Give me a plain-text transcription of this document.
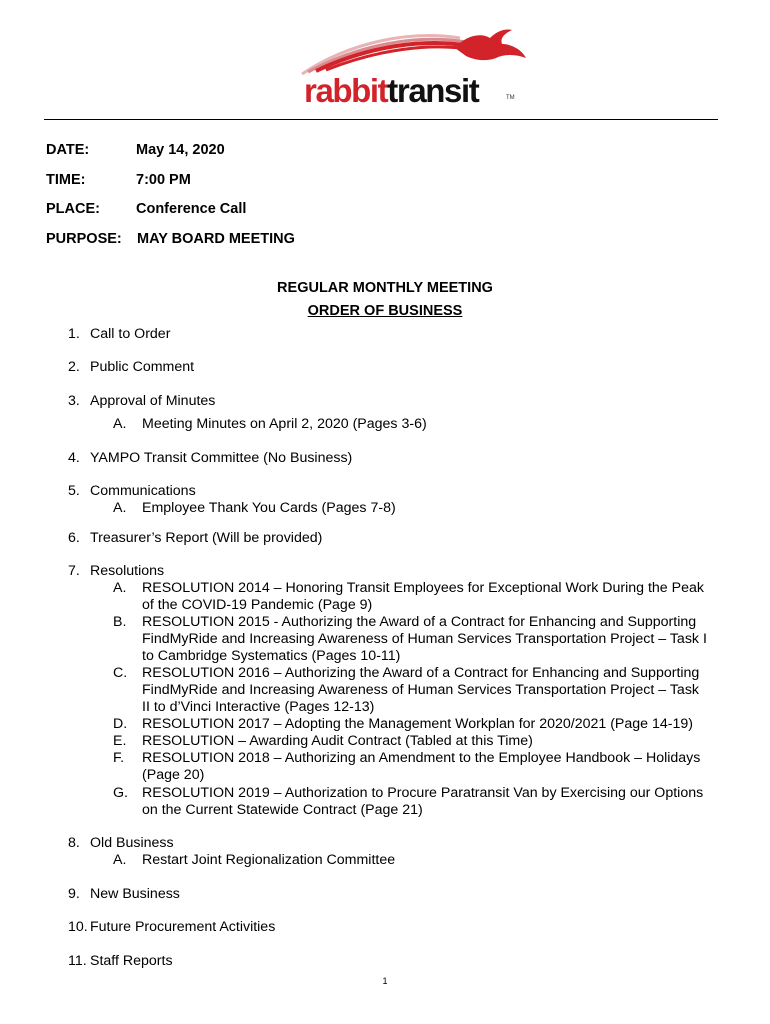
rabbittransit	TM
DATE:	May 14, 2020
TIME:	7:00 PM
PLACE: Conference Call
PURPOSE: MAY BOARD MEETING
REGULAR MONTHLY MEETING
ORDER OF BUSINESS
1. Call to Order
2. Public Comment
3. Approval of Minutes
A. Meeting Minutes on April 2, 2020 (Pages 3-6)
4. YAMPO Transit Committee (No Business)
5. Communications
A. Employee Thank You Cards (Pages 7-8)
6. Treasurer’s Report (Will be provided)
7. Resolutions
A. RESOLUTION 2014 – Honoring Transit Employees for Exceptional Work During the Peak
of the COVID-19 Pandemic (Page 9)
B. RESOLUTION 2015 - Authorizing the Award of a Contract for Enhancing and Supporting
FindMyRide and Increasing Awareness of Human Services Transportation Project – Task I
to Cambridge Systematics (Pages 10-11)
C. RESOLUTION 2016 – Authorizing the Award of a Contract for Enhancing and Supporting
FindMyRide and Increasing Awareness of Human Services Transportation Project – Task
II to d’Vinci Interactive (Pages 12-13)
D. RESOLUTION 2017 – Adopting the Management Workplan for 2020/2021 (Page 14-19)
E. RESOLUTION – Awarding Audit Contract (Tabled at this Time)
F. RESOLUTION 2018 – Authorizing an Amendment to the Employee Handbook – Holidays
(Page 20)
G. RESOLUTION 2019 – Authorization to Procure Paratransit Van by Exercising our Options
on the Current Statewide Contract (Page 21)
8. Old Business
A. Restart Joint Regionalization Committee
9. New Business
10. Future Procurement Activities
11. Staff Reports
1
